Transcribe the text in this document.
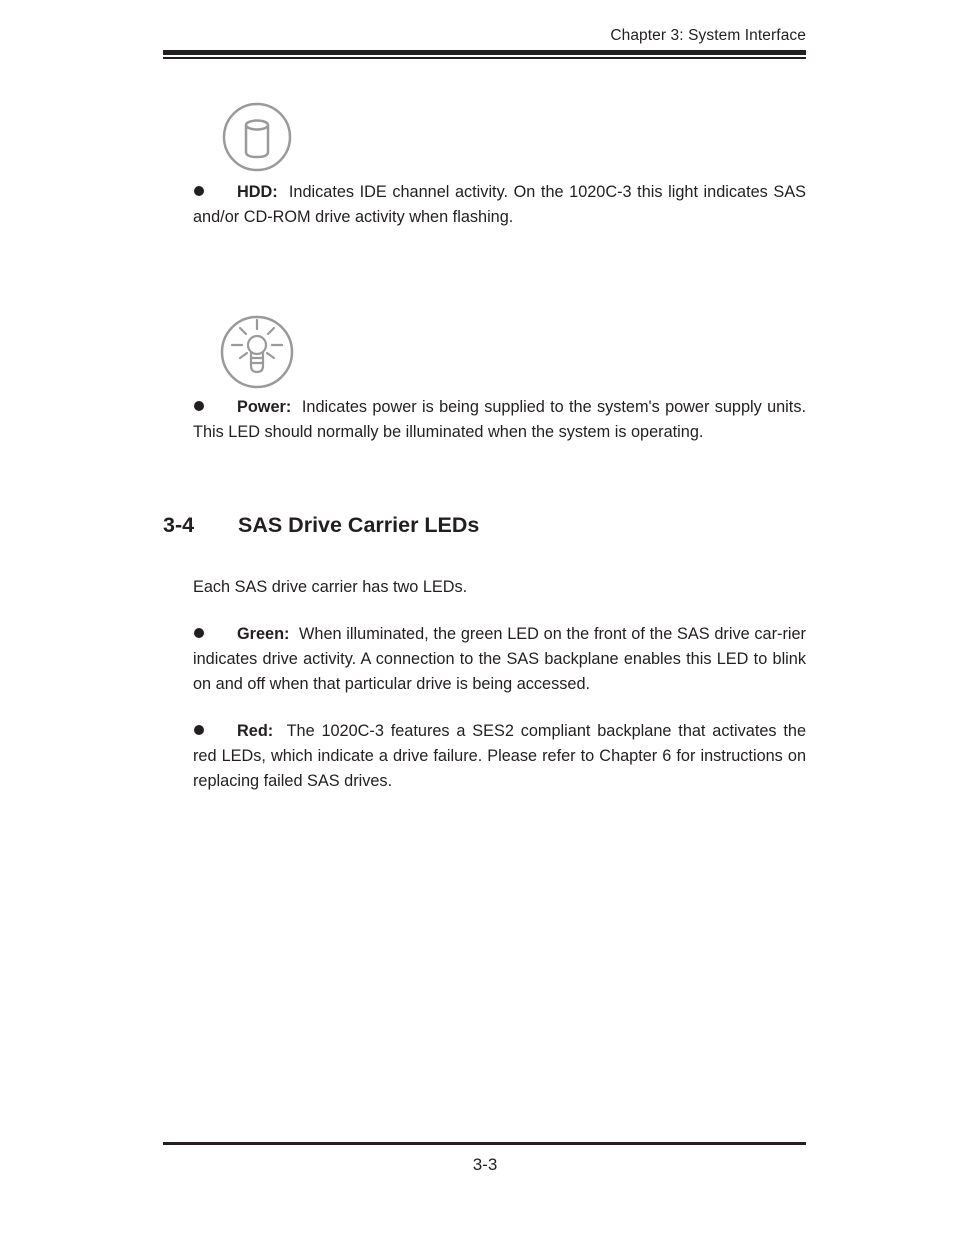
Chapter 3: System Interface
HDD: Indicates IDE channel activity. On the 1020C-3 this light indicates SAS and/or CD-ROM drive activity when flashing.
Power: Indicates power is being supplied to the system's power supply units. This LED should normally be illuminated when the system is operating.
3-4 SAS Drive Carrier LEDs
Each SAS drive carrier has two LEDs.
Green: When illuminated, the green LED on the front of the SAS drive car-rier indicates drive activity. A connection to the SAS backplane enables this LED to blink on and off when that particular drive is being accessed.
Red: The 1020C-3 features a SES2 compliant backplane that activates the red LEDs, which indicate a drive failure. Please refer to Chapter 6 for instructions on replacing failed SAS drives.
3-3
